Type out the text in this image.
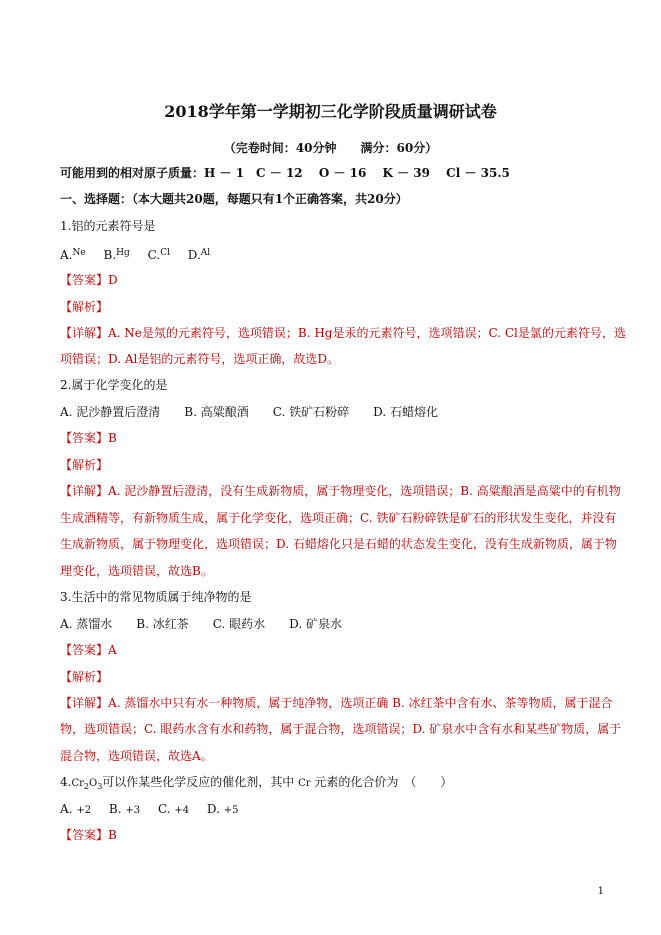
2018学年第一学期初三化学阶段质量调研试卷
（完卷时间：40分钟　　满分：60分）
可能用到的相对原子质量：H － 1　C － 12　 O － 16　 K － 39　 Cl － 35.5
一、选择题：（本大题共20题，每题只有1个正确答案，共20分）
1.铝的元素符号是
A.$^{Ne}$ B.$^{Hg}$ C.$^{Cl}$ D.$^{Al}$
【答案】D
【解析】
【详解】A. Ne是氖的元素符号，选项错误；B. Hg是汞的元素符号，选项错误；C. Cl是氯的元素符号，选
项错误；D. Al是铝的元素符号，选项正确，故选D。
2.属于化学变化的是
A. 泥沙静置后澄清　　B. 高粱酿酒　　C. 铁矿石粉碎　　D. 石蜡熔化
【答案】B
【解析】
【详解】A. 泥沙静置后澄清，没有生成新物质，属于物理变化，选项错误；B. 高粱酿酒是高粱中的有机物
生成酒精等，有新物质生成，属于化学变化，选项正确；C. 铁矿石粉碎铁是矿石的形状发生变化，并没有
生成新物质，属于物理变化，选项错误；D. 石蜡熔化只是石蜡的状态发生变化，没有生成新物质，属于物
理变化，选项错误，故选B。
3.生活中的常见物质属于纯净物的是
A. 蒸馏水　　B. 冰红茶　　C. 眼药水　　D. 矿泉水
【答案】A
【解析】
【详解】A. 蒸馏水中只有水一种物质，属于纯净物，选项正确 B. 冰红茶中含有水、茶等物质，属于混合
物，选项错误；C. 眼药水含有水和药物，属于混合物，选项错误；D. 矿泉水中含有水和某些矿物质，属于
混合物，选项错误，故选A。
$4.Cr_2O_3$可以作某些化学反应的催化剂，其中 Cr 元素的化合价为　（　　）
A. +2 B. +3 C. +4 D. +5
【答案】B
1
